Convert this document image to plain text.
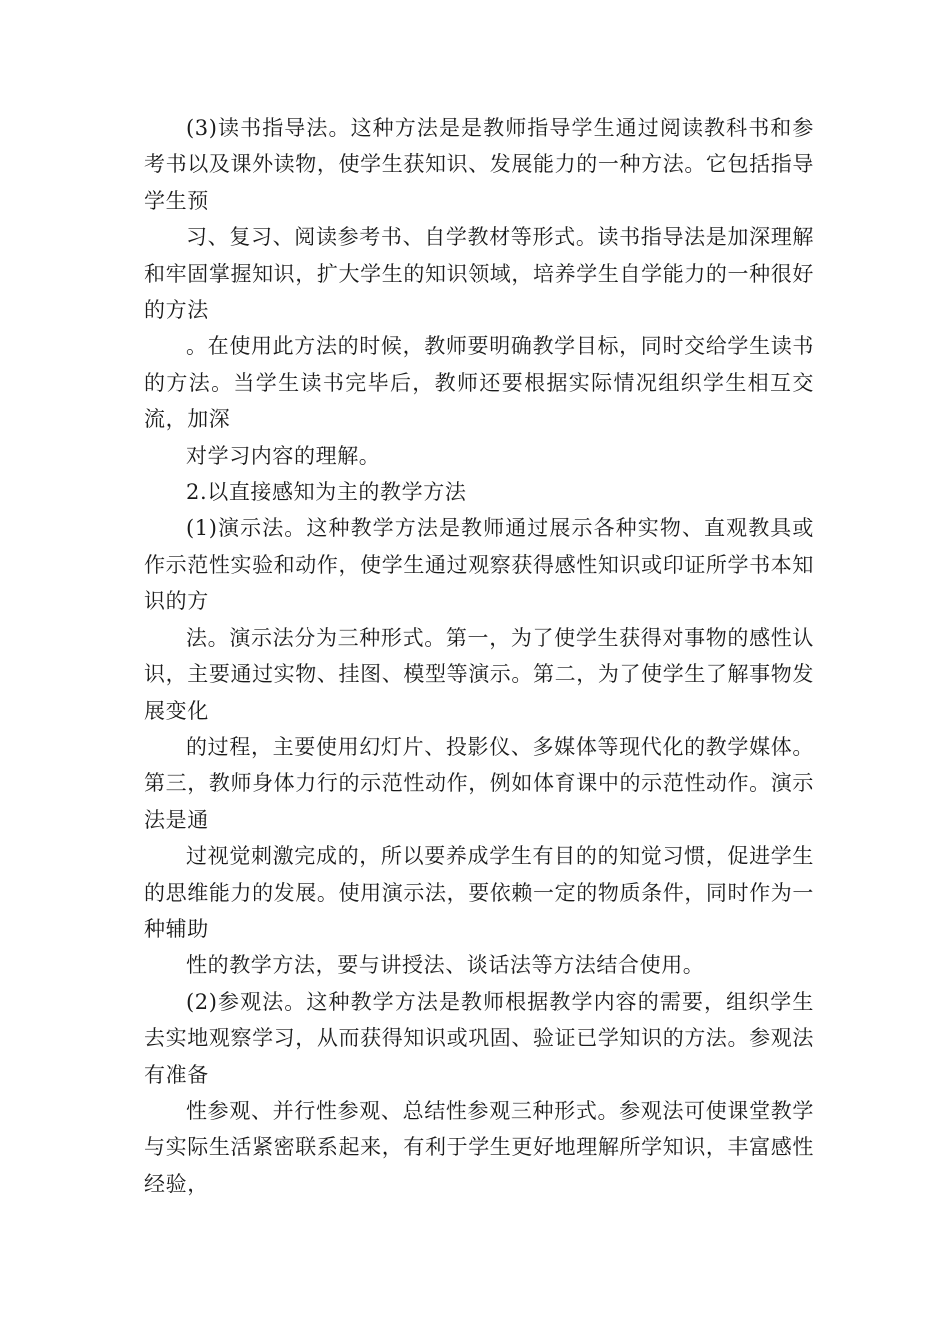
(3)读书指导法。这种方法是是教师指导学生通过阅读教科书和参考书以及课外读物，使学生获知识、发展能力的一种方法。它包括指导学生预

习、复习、阅读参考书、自学教材等形式。读书指导法是加深理解和牢固掌握知识，扩大学生的知识领域，培养学生自学能力的一种很好的方法

。在使用此方法的时候，教师要明确教学目标，同时交给学生读书的方法。当学生读书完毕后，教师还要根据实际情况组织学生相互交流，加深

对学习内容的理解。

2.以直接感知为主的教学方法

(1)演示法。这种教学方法是教师通过展示各种实物、直观教具或作示范性实验和动作，使学生通过观察获得感性知识或印证所学书本知识的方

法。演示法分为三种形式。第一，为了使学生获得对事物的感性认识，主要通过实物、挂图、模型等演示。第二，为了使学生了解事物发展变化

的过程，主要使用幻灯片、投影仪、多媒体等现代化的教学媒体。第三，教师身体力行的示范性动作，例如体育课中的示范性动作。演示法是通

过视觉刺激完成的，所以要养成学生有目的的知觉习惯，促进学生的思维能力的发展。使用演示法，要依赖一定的物质条件，同时作为一种辅助

性的教学方法，要与讲授法、谈话法等方法结合使用。

(2)参观法。这种教学方法是教师根据教学内容的需要，组织学生去实地观察学习，从而获得知识或巩固、验证已学知识的方法。参观法有准备

性参观、并行性参观、总结性参观三种形式。参观法可使课堂教学与实际生活紧密联系起来，有利于学生更好地理解所学知识，丰富感性经验，
